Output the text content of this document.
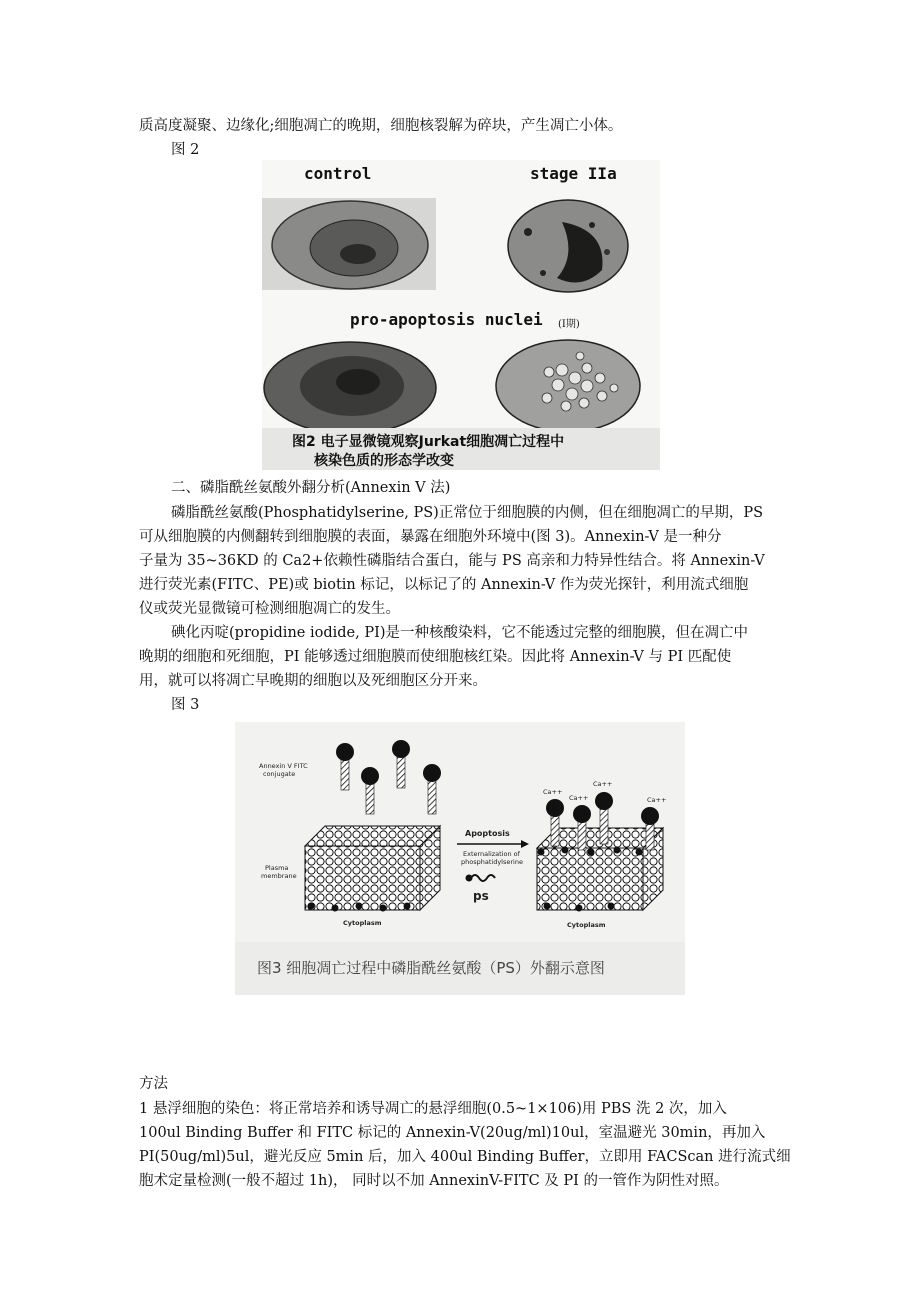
质高度凝聚、边缘化;细胞凋亡的晚期，细胞核裂解为碎块，产生凋亡小体。
图 2
control	stage IIa
pro-apoptosis nuclei (I期)
图2 电子显微镜观察Jurkat细胞凋亡过程中
核染色质的形态学改变
二、磷脂酰丝氨酸外翻分析(Annexin V 法)
磷脂酰丝氨酸(Phosphatidylserine, PS)正常位于细胞膜的内侧，但在细胞凋亡的早期，PS
可从细胞膜的内侧翻转到细胞膜的表面，暴露在细胞外环境中(图 3)。Annexin-V 是一种分
子量为 35~36KD 的 Ca2+依赖性磷脂结合蛋白，能与 PS 高亲和力特异性结合。将 Annexin-V
进行荧光素(FITC、PE)或 biotin 标记，以标记了的 Annexin-V 作为荧光探针，利用流式细胞
仪或荧光显微镜可检测细胞凋亡的发生。
碘化丙啶(propidine iodide, PI)是一种核酸染料，它不能透过完整的细胞膜，但在凋亡中
晚期的细胞和死细胞，PI 能够透过细胞膜而使细胞核红染。因此将 Annexin-V 与 PI 匹配使
用，就可以将凋亡早晚期的细胞以及死细胞区分开来。
图 3
Annexin V FITC
conjugate
Plasma
membrane
Cytoplasm	Cytoplasm
Apoptosis
Externalization of
phosphatidylserine
ps
Ca++
Ca++
Ca++
Ca++
图3 细胞凋亡过程中磷脂酰丝氨酸（PS）外翻示意图
方法
1 悬浮细胞的染色：将正常培养和诱导凋亡的悬浮细胞(0.5~1×106)用 PBS 洗 2 次，加入
100ul Binding Buffer 和 FITC 标记的 Annexin-V(20ug/ml)10ul，室温避光 30min，再加入
PI(50ug/ml)5ul，避光反应 5min 后，加入 400ul Binding Buffer，立即用 FACScan 进行流式细
胞术定量检测(一般不超过 1h)， 同时以不加 AnnexinV-FITC 及 PI 的一管作为阴性对照。
